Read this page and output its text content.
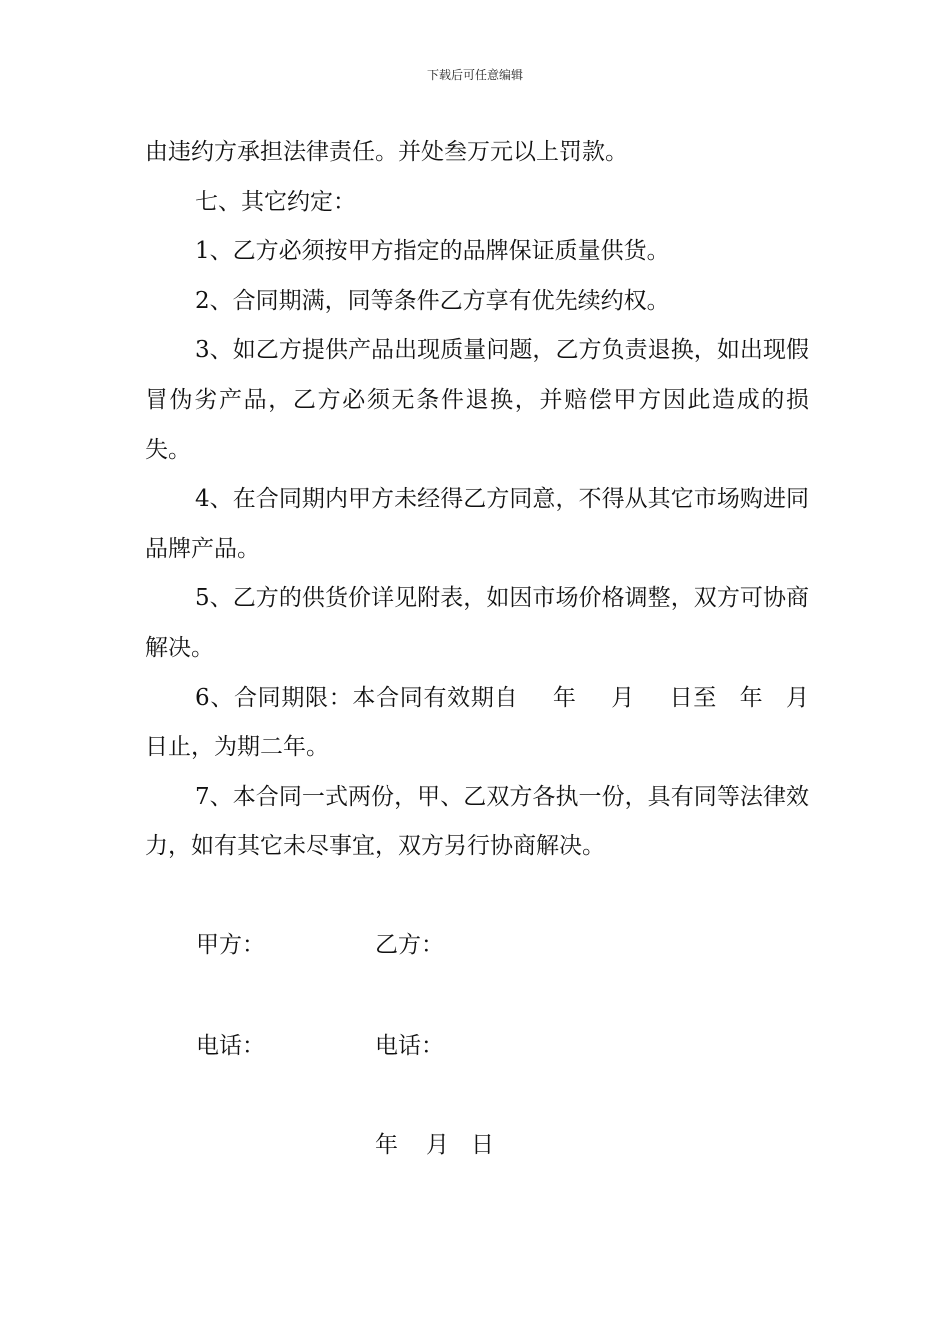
下载后可任意编辑

由违约方承担法律责任。并处叁万元以上罚款。

七、其它约定：

1、乙方必须按甲方指定的品牌保证质量供货。

2、合同期满，同等条件乙方享有优先续约权。

3、如乙方提供产品出现质量问题，乙方负责退换，如出现假冒伪劣产品，乙方必须无条件退换，并赔偿甲方因此造成的损失。

4、在合同期内甲方未经得乙方同意，不得从其它市场购进同品牌产品。

5、乙方的供货价详见附表，如因市场价格调整，双方可协商解决。

6、合同期限：本合同有效期自 年 月 日至 年 月日止，为期二年。

7、本合同一式两份，甲、乙双方各执一份，具有同等法律效力，如有其它未尽事宜，双方另行协商解决。

甲方：	乙方：
电话：	电话：
年 月 日
